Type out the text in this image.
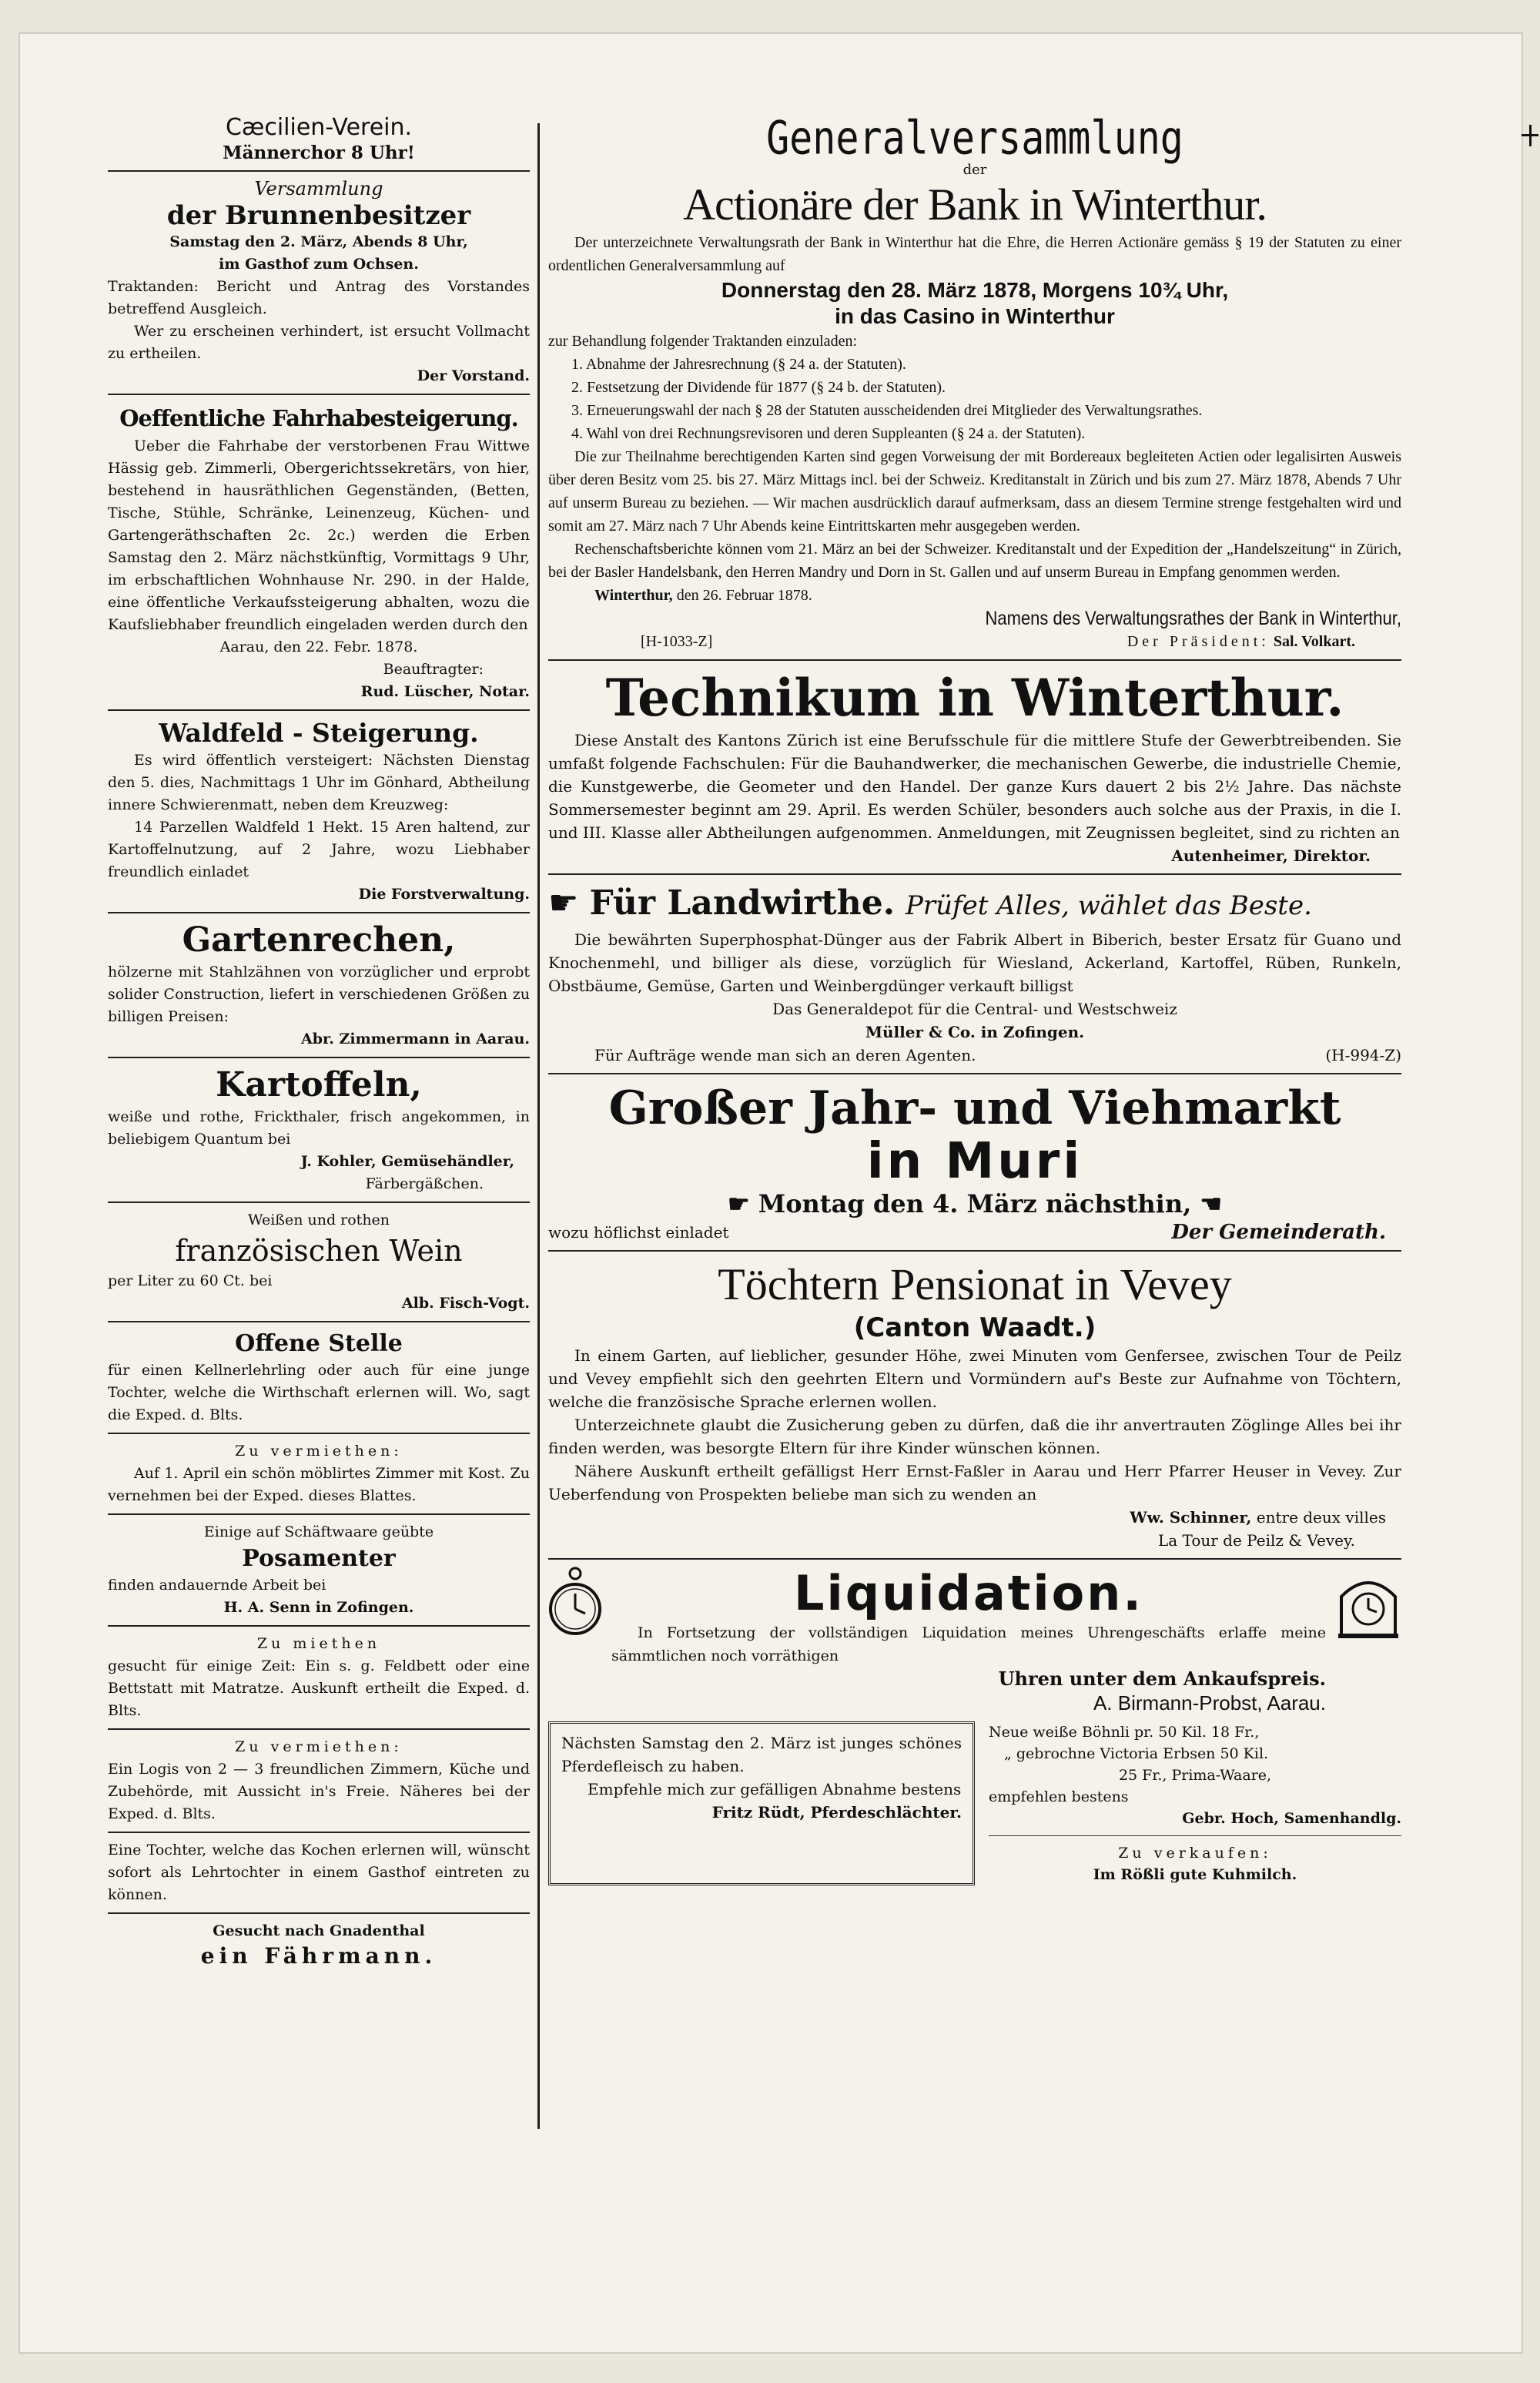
Cæcilien-Verein.

Männerchor 8 Uhr!

Versammlung

der Brunnenbesitzer

Samstag den 2. März, Abends 8 Uhr,

im Gasthof zum Ochsen.

Traktanden: Bericht und Antrag des Vorstandes betreffend Ausgleich.

Wer zu erscheinen verhindert, ist ersucht Vollmacht zu ertheilen.

Der Vorstand.

Oeffentliche Fahrhabesteigerung.

Ueber die Fahrhabe der verstorbenen Frau Wittwe Hässig geb. Zimmerli, Obergerichtssekretärs, von hier, bestehend in hausräthlichen Gegenständen, (Betten, Tische, Stühle, Schränke, Leinenzeug, Küchen- und Gartengeräthschaften 2c. 2c.) werden die Erben Samstag den 2. März nächstkünftig, Vormittags 9 Uhr, im erbschaftlichen Wohnhause Nr. 290. in der Halde, eine öffentliche Verkaufssteigerung abhalten, wozu die Kaufsliebhaber freundlich eingeladen werden durch den

Aarau, den 22. Febr. 1878.

Beauftragter:

Rud. Lüscher, Notar.

Waldfeld - Steigerung.

Es wird öffentlich versteigert: Nächsten Dienstag den 5. dies, Nachmittags 1 Uhr im Gönhard, Abtheilung innere Schwierenmatt, neben dem Kreuzweg:

14 Parzellen Waldfeld 1 Hekt. 15 Aren haltend, zur Kartoffelnutzung, auf 2 Jahre, wozu Liebhaber freundlich einladet

Die Forstverwaltung.

Gartenrechen,

hölzerne mit Stahlzähnen von vorzüglicher und erprobt solider Construction, liefert in verschiedenen Größen zu billigen Preisen:

Abr. Zimmermann in Aarau.

Kartoffeln,

weiße und rothe, Frickthaler, frisch angekommen, in beliebigem Quantum bei

J. Kohler, Gemüsehändler,

Färbergäßchen.

Weißen und rothen

französischen Wein

per Liter zu 60 Ct. bei

Alb. Fisch-Vogt.

Offene Stelle

für einen Kellnerlehrling oder auch für eine junge Tochter, welche die Wirthschaft erlernen will. Wo, sagt die Exped. d. Blts.

Zu vermiethen:

Auf 1. April ein schön möblirtes Zimmer mit Kost. Zu vernehmen bei der Exped. dieses Blattes.

Einige auf Schäftwaare geübte

Posamenter

finden andauernde Arbeit bei

H. A. Senn in Zofingen.

Zu miethen

gesucht für einige Zeit: Ein s. g. Feldbett oder eine Bettstatt mit Matratze. Auskunft ertheilt die Exped. d. Blts.

Zu vermiethen:

Ein Logis von 2 — 3 freundlichen Zimmern, Küche und Zubehörde, mit Aussicht in's Freie. Näheres bei der Exped. d. Blts.

Eine Tochter, welche das Kochen erlernen will, wünscht sofort als Lehrtochter in einem Gasthof eintreten zu können.

Gesucht nach Gnadenthal

ein Fährmann.

Generalversammlung

der

Actionäre der Bank in Winterthur.

Der unterzeichnete Verwaltungsrath der Bank in Winterthur hat die Ehre, die Herren Actionäre gemäss § 19 der Statuten zu einer ordentlichen Generalversammlung auf

Donnerstag den 28. März 1878, Morgens 10¾ Uhr,

in das Casino in Winterthur

zur Behandlung folgender Traktanden einzuladen:

1. Abnahme der Jahresrechnung (§ 24 a. der Statuten).

2. Festsetzung der Dividende für 1877 (§ 24 b. der Statuten).

3. Erneuerungswahl der nach § 28 der Statuten ausscheidenden drei Mitglieder des Verwaltungsrathes.

4. Wahl von drei Rechnungsrevisoren und deren Suppleanten (§ 24 a. der Statuten).

Die zur Theilnahme berechtigenden Karten sind gegen Vorweisung der mit Bordereaux begleiteten Actien oder legalisirten Ausweis über deren Besitz vom 25. bis 27. März Mittags incl. bei der Schweiz. Kreditanstalt in Zürich und bis zum 27. März 1878, Abends 7 Uhr auf unserm Bureau zu beziehen. — Wir machen ausdrücklich darauf aufmerksam, dass an diesem Termine strenge festgehalten wird und somit am 27. März nach 7 Uhr Abends keine Eintrittskarten mehr ausgegeben werden.

Rechenschaftsberichte können vom 21. März an bei der Schweizer. Kreditanstalt und der Expedition der „Handelszeitung“ in Zürich, bei der Basler Handelsbank, den Herren Mandry und Dorn in St. Gallen und auf unserm Bureau in Empfang genommen werden.

Winterthur, den 26. Februar 1878.

Namens des Verwaltungsrathes der Bank in Winterthur,

[H-1033-Z]	Der Präsident: Sal. Volkart.

Technikum in Winterthur.

Diese Anstalt des Kantons Zürich ist eine Berufsschule für die mittlere Stufe der Gewerbtreibenden. Sie umfaßt folgende Fachschulen: Für die Bauhandwerker, die mechanischen Gewerbe, die industrielle Chemie, die Kunstgewerbe, die Geometer und den Handel. Der ganze Kurs dauert 2 bis 2½ Jahre. Das nächste Sommersemester beginnt am 29. April. Es werden Schüler, besonders auch solche aus der Praxis, in die I. und III. Klasse aller Abtheilungen aufgenommen. Anmeldungen, mit Zeugnissen begleitet, sind zu richten an

Autenheimer, Direktor.

☛ Für Landwirthe. Prüfet Alles, wählet das Beste.

Die bewährten Superphosphat-Dünger aus der Fabrik Albert in Biberich, bester Ersatz für Guano und Knochenmehl, und billiger als diese, vorzüglich für Wiesland, Ackerland, Kartoffel, Rüben, Runkeln, Obstbäume, Gemüse, Garten und Weinbergdünger verkauft billigst

Das Generaldepot für die Central- und Westschweiz

Müller & Co. in Zofingen.

Für Aufträge wende man sich an deren Agenten.	(H-994-Z)

Großer Jahr- und Viehmarkt

in Muri

☛ Montag den 4. März nächsthin, ☚

wozu höflichst einladet	Der Gemeinderath.

Töchtern Pensionat in Vevey

(Canton Waadt.)

In einem Garten, auf lieblicher, gesunder Höhe, zwei Minuten vom Genfersee, zwischen Tour de Peilz und Vevey empfiehlt sich den geehrten Eltern und Vormündern auf's Beste zur Aufnahme von Töchtern, welche die französische Sprache erlernen wollen.

Unterzeichnete glaubt die Zusicherung geben zu dürfen, daß die ihr anvertrauten Zöglinge Alles bei ihr finden werden, was besorgte Eltern für ihre Kinder wünschen können.

Nähere Auskunft ertheilt gefälligst Herr Ernst-Faßler in Aarau und Herr Pfarrer Heuser in Vevey. Zur Ueberfendung von Prospekten beliebe man sich zu wenden an

Ww. Schinner, entre deux villes

La Tour de Peilz & Vevey.

Liquidation.

In Fortsetzung der vollständigen Liquidation meines Uhrengeschäfts erlaffe meine sämmtlichen noch vorräthigen

Uhren unter dem Ankaufspreis.

A. Birmann-Probst, Aarau.

Nächsten Samstag den 2. März ist junges schönes Pferdefleisch zu haben.

Empfehle mich zur gefälligen Abnahme bestens

Fritz Rüdt, Pferdeschlächter.

Neue weiße Böhnli pr. 50 Kil. 18 Fr.,

„ gebrochne Victoria Erbsen 50 Kil.

25 Fr., Prima-Waare,

empfehlen bestens

Gebr. Hoch, Samenhandlg.

Zu verkaufen:

Im Rößli gute Kuhmilch.
